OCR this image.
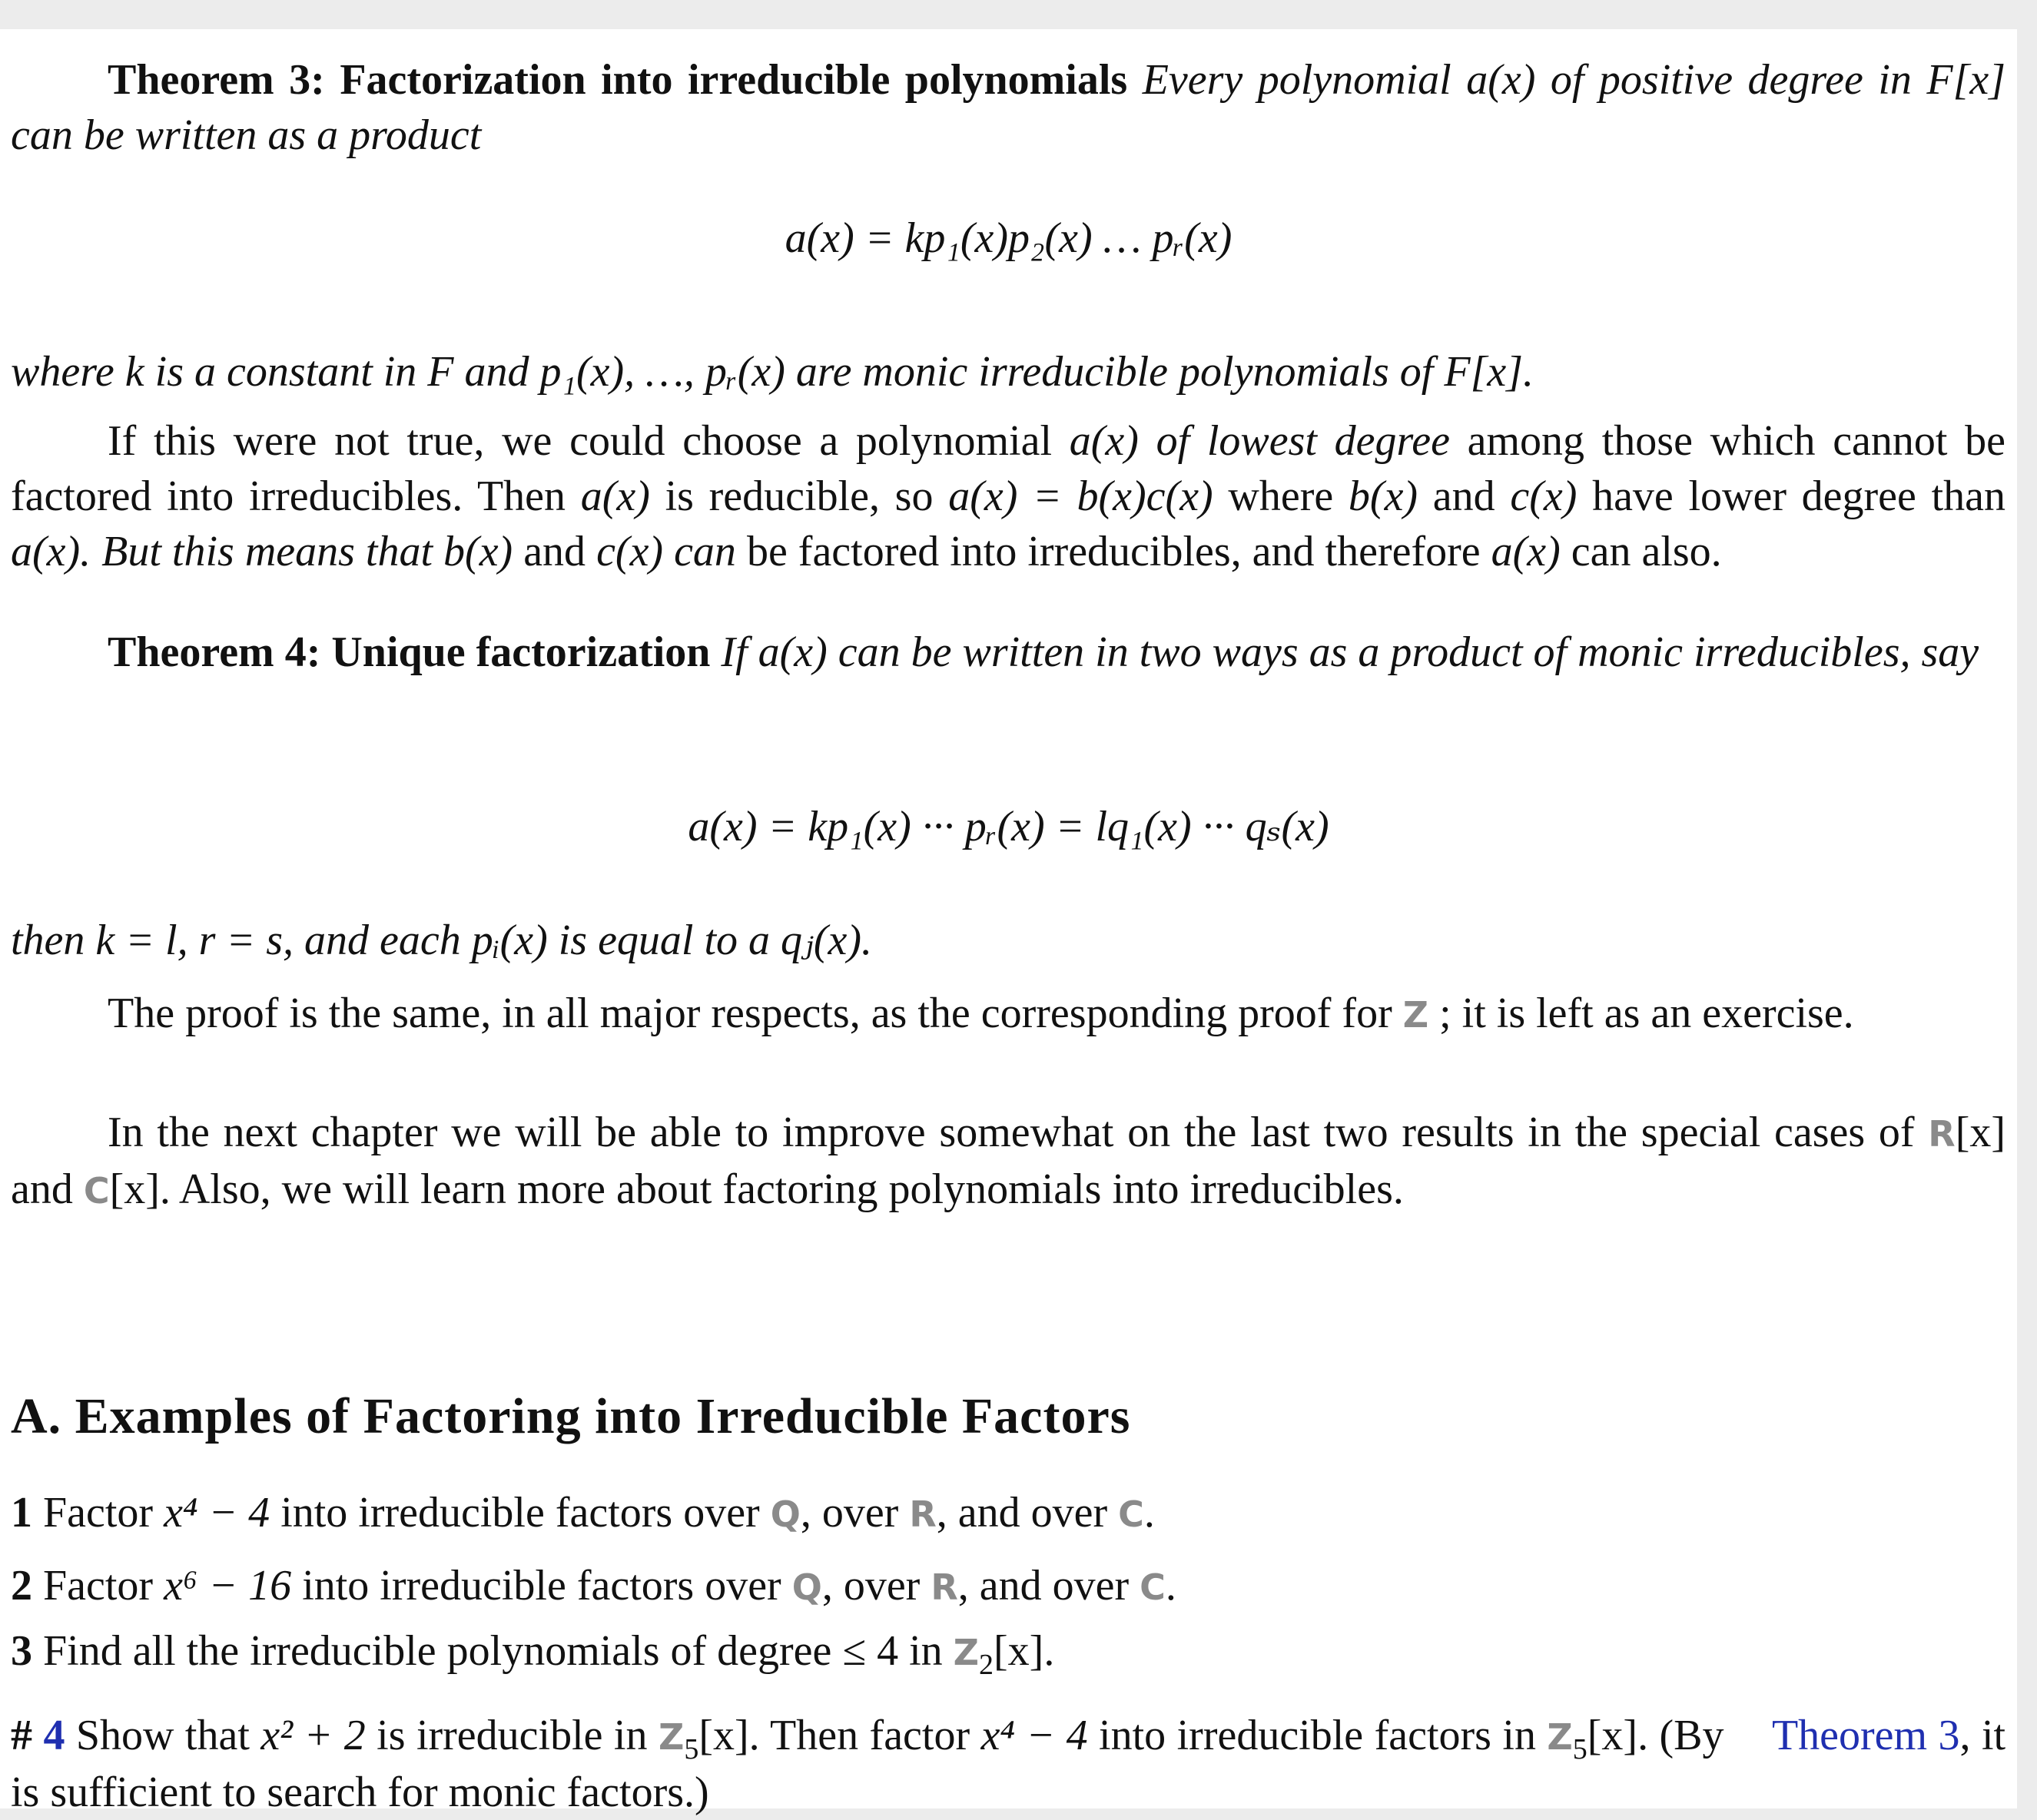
Theorem 3: Factorization into irreducible polynomials Every polynomial a(x) of positive degree in F[x] can be written as a product
a(x) = kp₁(x)p₂(x) … pᵣ(x)
where k is a constant in F and p₁(x), …, pᵣ(x) are monic irreducible polynomials of F[x].
If this were not true, we could choose a polynomial a(x) of lowest degree among those which cannot be factored into irreducibles. Then a(x) is reducible, so a(x) = b(x)c(x) where b(x) and c(x) have lower degree than a(x). But this means that b(x) and c(x) can be factored into irreducibles, and therefore a(x) can also.
Theorem 4: Unique factorization If a(x) can be written in two ways as a product of monic irreducibles, say
a(x) = kp₁(x) ··· pᵣ(x) = lq₁(x) ··· qₛ(x)
then k = l, r = s, and each pᵢ(x) is equal to a qⱼ(x).
The proof is the same, in all major respects, as the corresponding proof for Z ; it is left as an exercise.
In the next chapter we will be able to improve somewhat on the last two results in the special cases of R[x] and C[x]. Also, we will learn more about factoring polynomials into irreducibles.
A. Examples of Factoring into Irreducible Factors
1 Factor x⁴ − 4 into irreducible factors over Q, over R, and over C.
2 Factor x⁶ − 16 into irreducible factors over Q, over R, and over C.
3 Find all the irreducible polynomials of degree ≤ 4 in $Z_2[x]$.
# 4 Show that x² + 2 is irreducible in $Z_5[x]$. Then factor x⁴ − 4 into irreducible factors in $Z_5[x]$. (By Theorem 3, it is sufficient to search for monic factors.)
